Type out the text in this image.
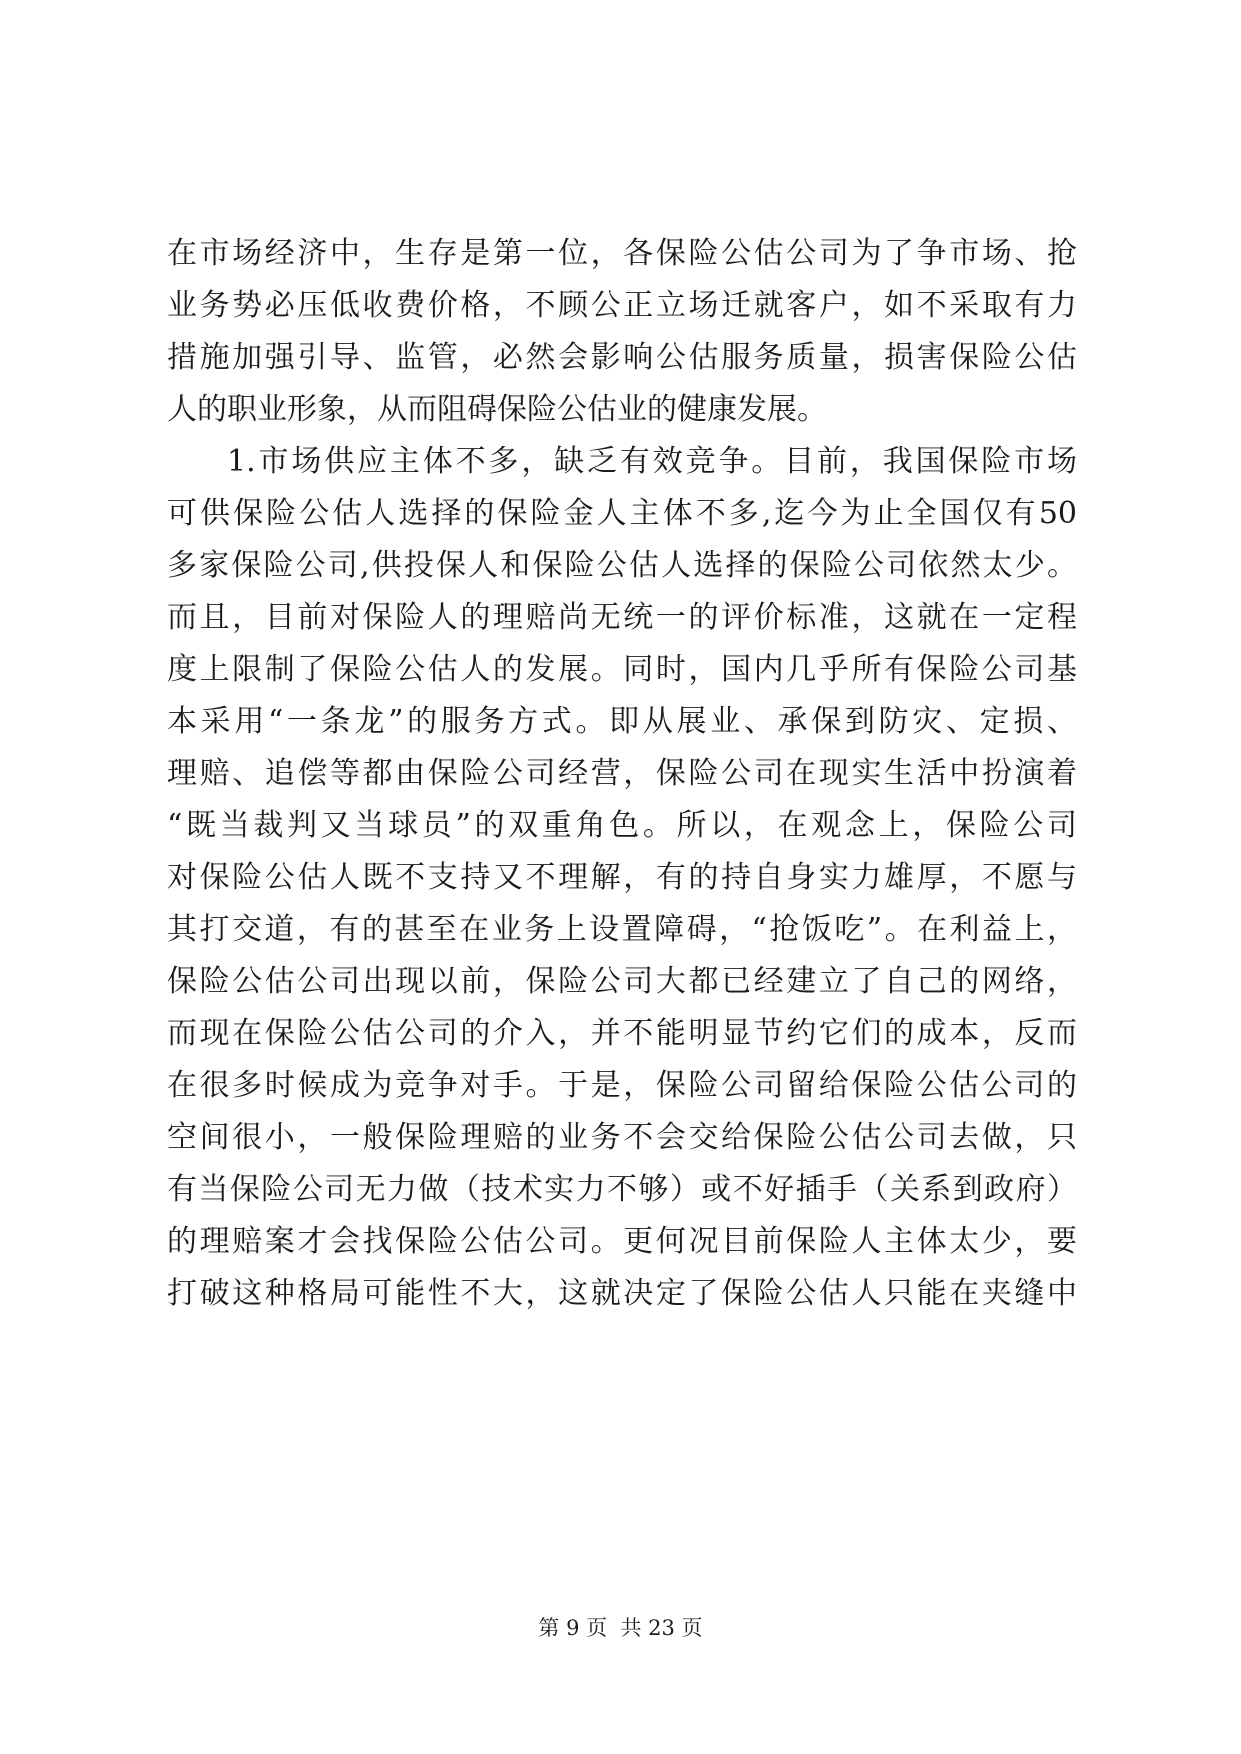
在市场经济中，生存是第一位，各保险公估公司为了争市场、抢
业务势必压低收费价格，不顾公正立场迁就客户，如不采取有力
措施加强引导、监管，必然会影响公估服务质量，损害保险公估
人的职业形象，从而阻碍保险公估业的健康发展。
1.市场供应主体不多，缺乏有效竞争。目前，我国保险市场
可供保险公估人选择的保险金人主体不多,迄今为止全国仅有50
多家保险公司,供投保人和保险公估人选择的保险公司依然太少。
而且，目前对保险人的理赔尚无统一的评价标准，这就在一定程
度上限制了保险公估人的发展。同时，国内几乎所有保险公司基
本采用“一条龙”的服务方式。即从展业、承保到防灾、定损、
理赔、追偿等都由保险公司经营，保险公司在现实生活中扮演着
“既当裁判又当球员”的双重角色。所以，在观念上，保险公司
对保险公估人既不支持又不理解，有的持自身实力雄厚，不愿与
其打交道，有的甚至在业务上设置障碍，“抢饭吃”。在利益上，
保险公估公司出现以前，保险公司大都已经建立了自己的网络，
而现在保险公估公司的介入，并不能明显节约它们的成本，反而
在很多时候成为竞争对手。于是，保险公司留给保险公估公司的
空间很小，一般保险理赔的业务不会交给保险公估公司去做，只
有当保险公司无力做（技术实力不够）或不好插手（关系到政府）
的理赔案才会找保险公估公司。更何况目前保险人主体太少，要
打破这种格局可能性不大，这就决定了保险公估人只能在夹缝中
第 9 页  共 23 页
